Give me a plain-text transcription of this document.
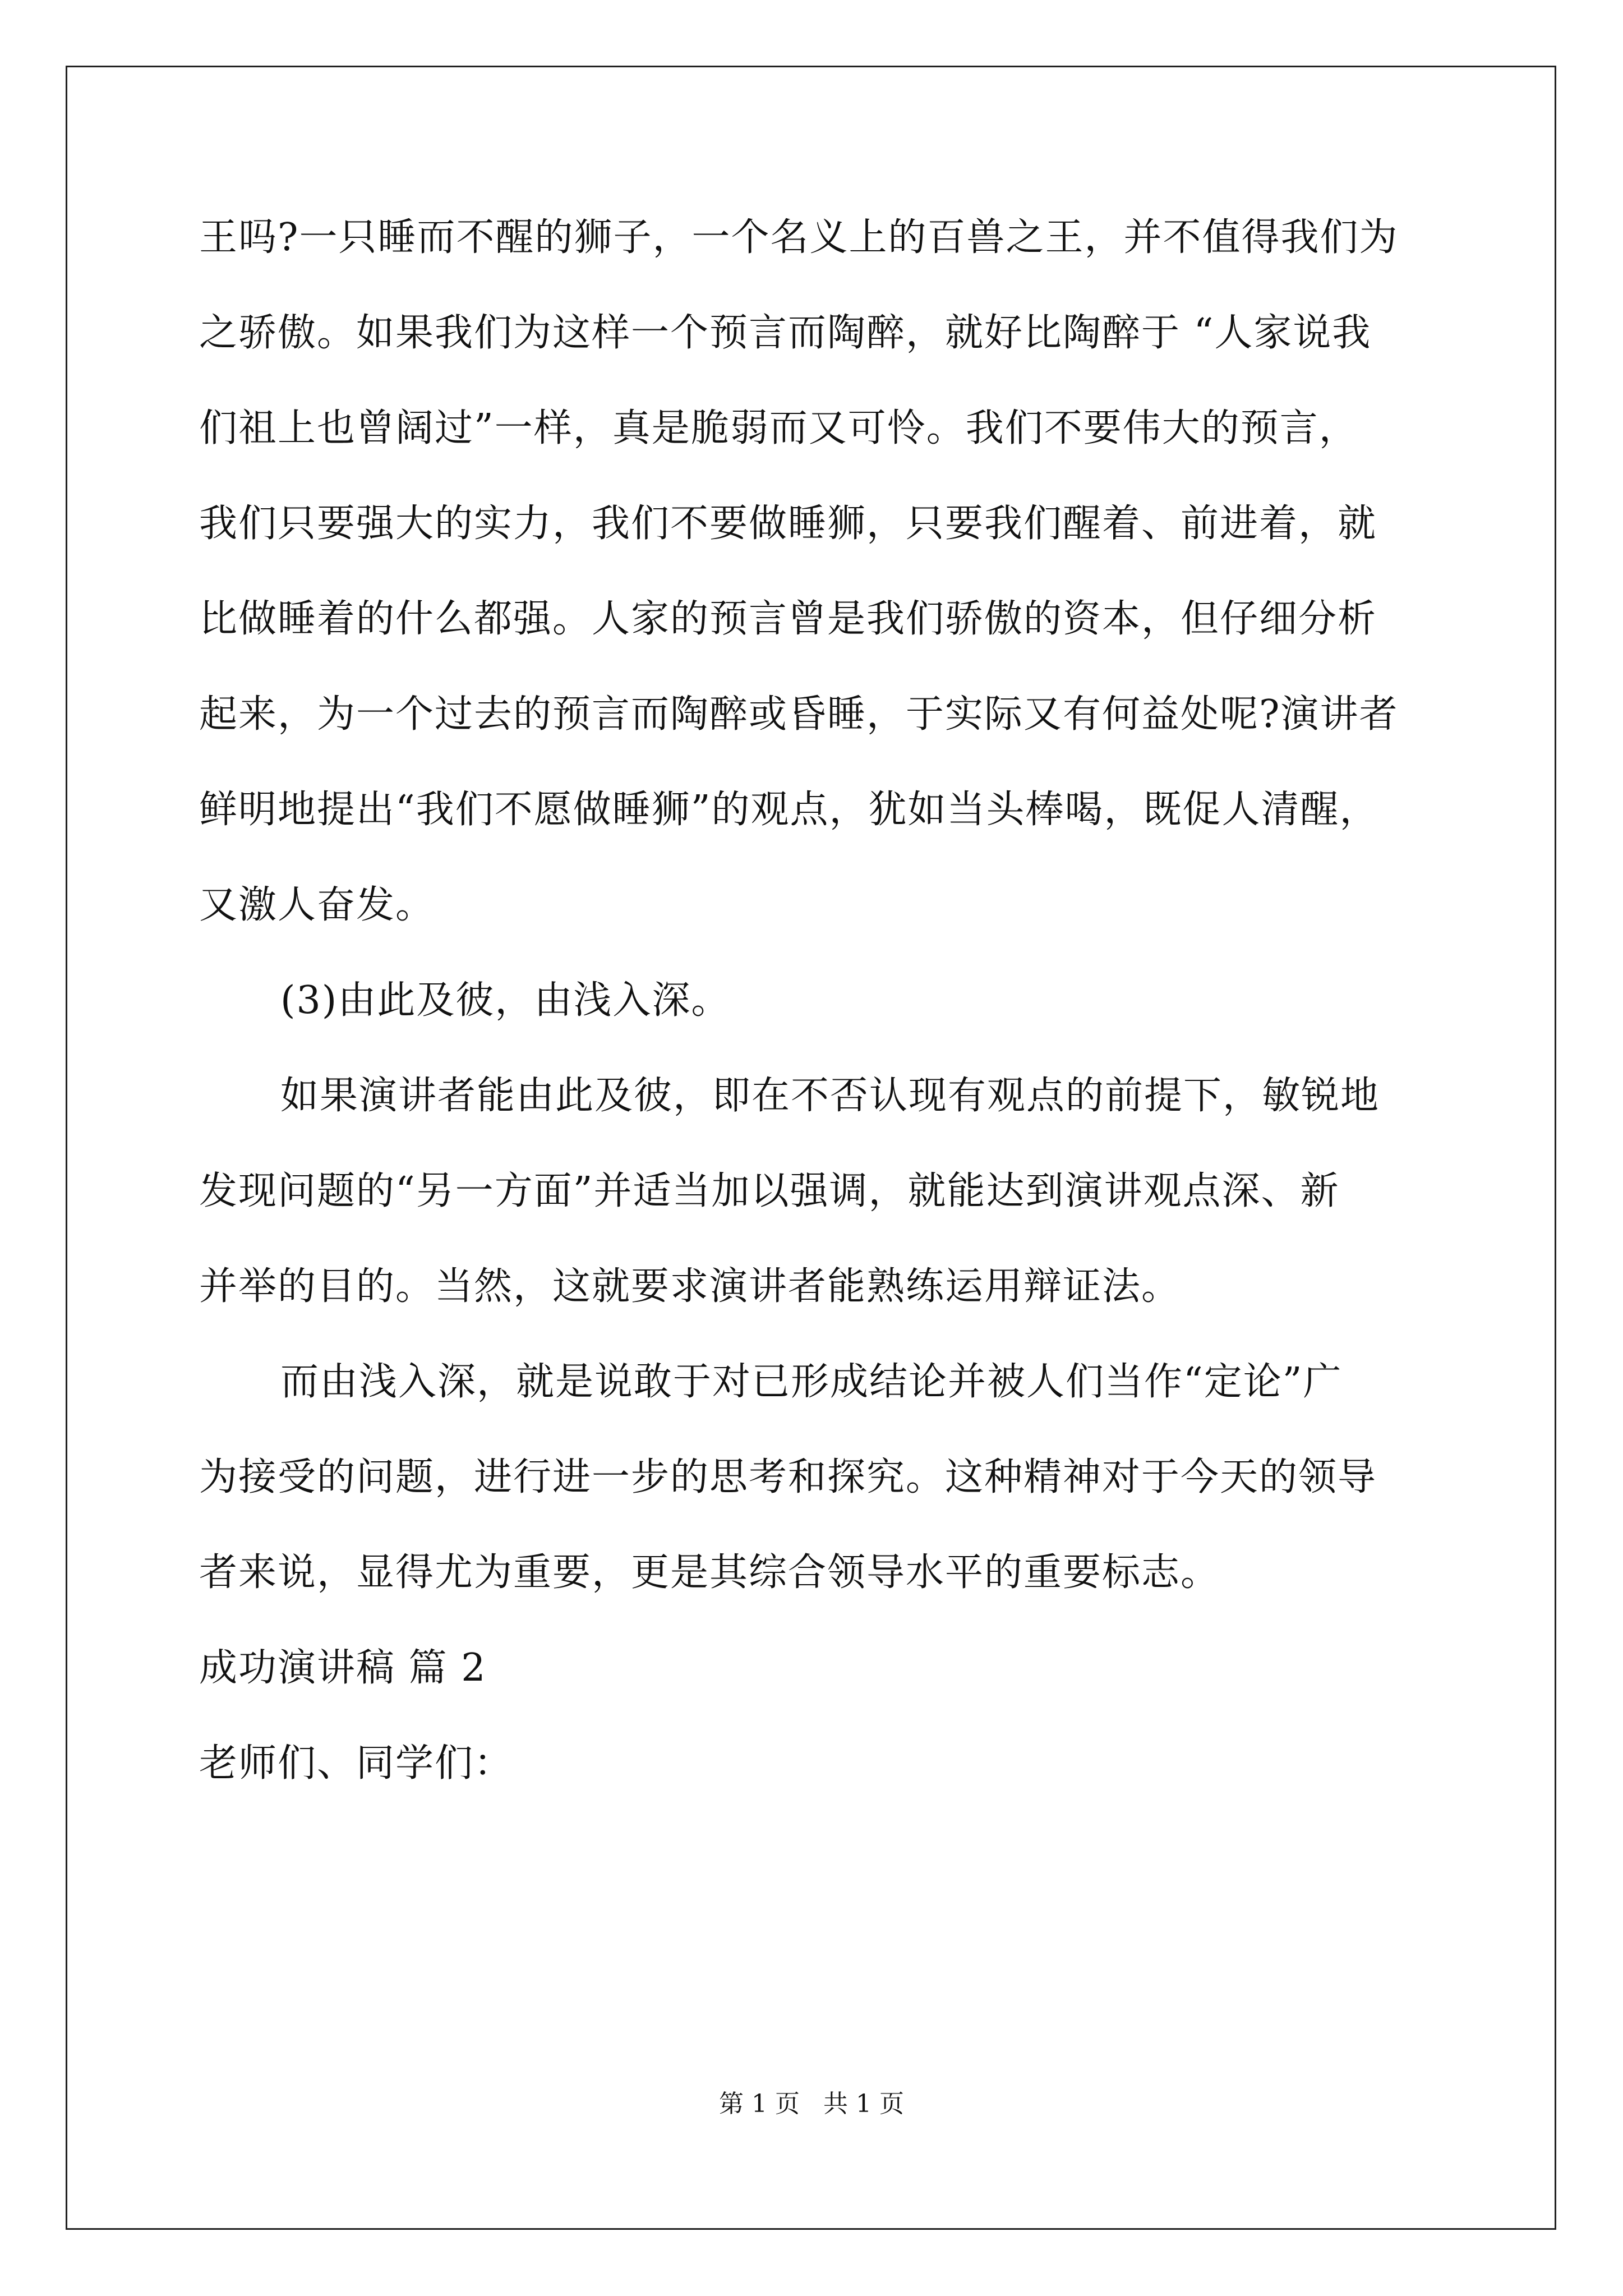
王吗?一只睡而不醒的狮子，一个名义上的百兽之王，并不值得我们为
之骄傲。如果我们为这样一个预言而陶醉，就好比陶醉于 “人家说我
们祖上也曾阔过”一样，真是脆弱而又可怜。我们不要伟大的预言，
我们只要强大的实力，我们不要做睡狮，只要我们醒着、前进着，就
比做睡着的什么都强。人家的预言曾是我们骄傲的资本，但仔细分析
起来，为一个过去的预言而陶醉或昏睡，于实际又有何益处呢?演讲者
鲜明地提出“我们不愿做睡狮”的观点，犹如当头棒喝，既促人清醒，
又激人奋发。
(3)由此及彼，由浅入深。
如果演讲者能由此及彼，即在不否认现有观点的前提下，敏锐地
发现问题的“另一方面”并适当加以强调，就能达到演讲观点深、新
并举的目的。当然，这就要求演讲者能熟练运用辩证法。
而由浅入深，就是说敢于对已形成结论并被人们当作“定论”广
为接受的问题，进行进一步的思考和探究。这种精神对于今天的领导
者来说，显得尤为重要，更是其综合领导水平的重要标志。
成功演讲稿 篇 2
老师们、同学们：
第 1 页   共 1 页
